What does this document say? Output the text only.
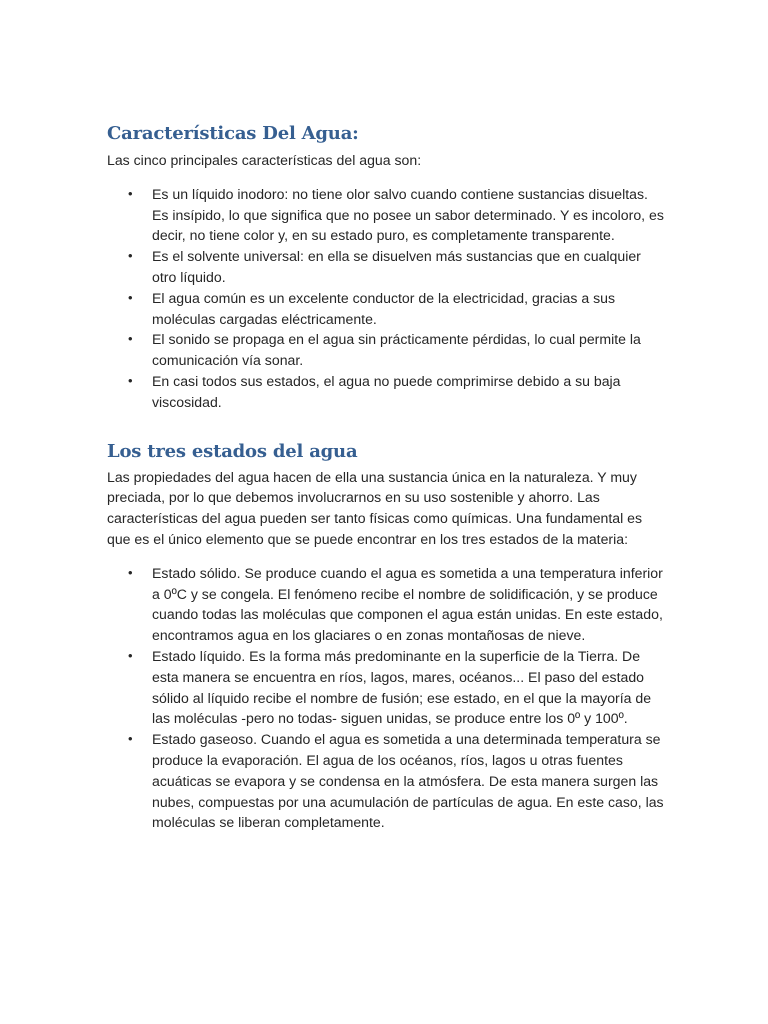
Características Del Agua:

Las cinco principales características del agua son:

• Es un líquido inodoro: no tiene olor salvo cuando contiene sustancias disueltas. Es insípido, lo que significa que no posee un sabor determinado. Y es incoloro, es decir, no tiene color y, en su estado puro, es completamente transparente.
• Es el solvente universal: en ella se disuelven más sustancias que en cualquier otro líquido.
• El agua común es un excelente conductor de la electricidad, gracias a sus moléculas cargadas eléctricamente.
• El sonido se propaga en el agua sin prácticamente pérdidas, lo cual permite la comunicación vía sonar.
• En casi todos sus estados, el agua no puede comprimirse debido a su baja viscosidad.
Los tres estados del agua

Las propiedades del agua hacen de ella una sustancia única en la naturaleza. Y muy preciada, por lo que debemos involucrarnos en su uso sostenible y ahorro. Las características del agua pueden ser tanto físicas como químicas. Una fundamental es que es el único elemento que se puede encontrar en los tres estados de la materia:

• Estado sólido. Se produce cuando el agua es sometida a una temperatura inferior a 0ºC y se congela. El fenómeno recibe el nombre de solidificación, y se produce cuando todas las moléculas que componen el agua están unidas. En este estado, encontramos agua en los glaciares o en zonas montañosas de nieve.
• Estado líquido. Es la forma más predominante en la superficie de la Tierra. De esta manera se encuentra en ríos, lagos, mares, océanos... El paso del estado sólido al líquido recibe el nombre de fusión; ese estado, en el que la mayoría de las moléculas -pero no todas- siguen unidas, se produce entre los 0º y 100º.
• Estado gaseoso. Cuando el agua es sometida a una determinada temperatura se produce la evaporación. El agua de los océanos, ríos, lagos u otras fuentes acuáticas se evapora y se condensa en la atmósfera. De esta manera surgen las nubes, compuestas por una acumulación de partículas de agua. En este caso, las moléculas se liberan completamente.
